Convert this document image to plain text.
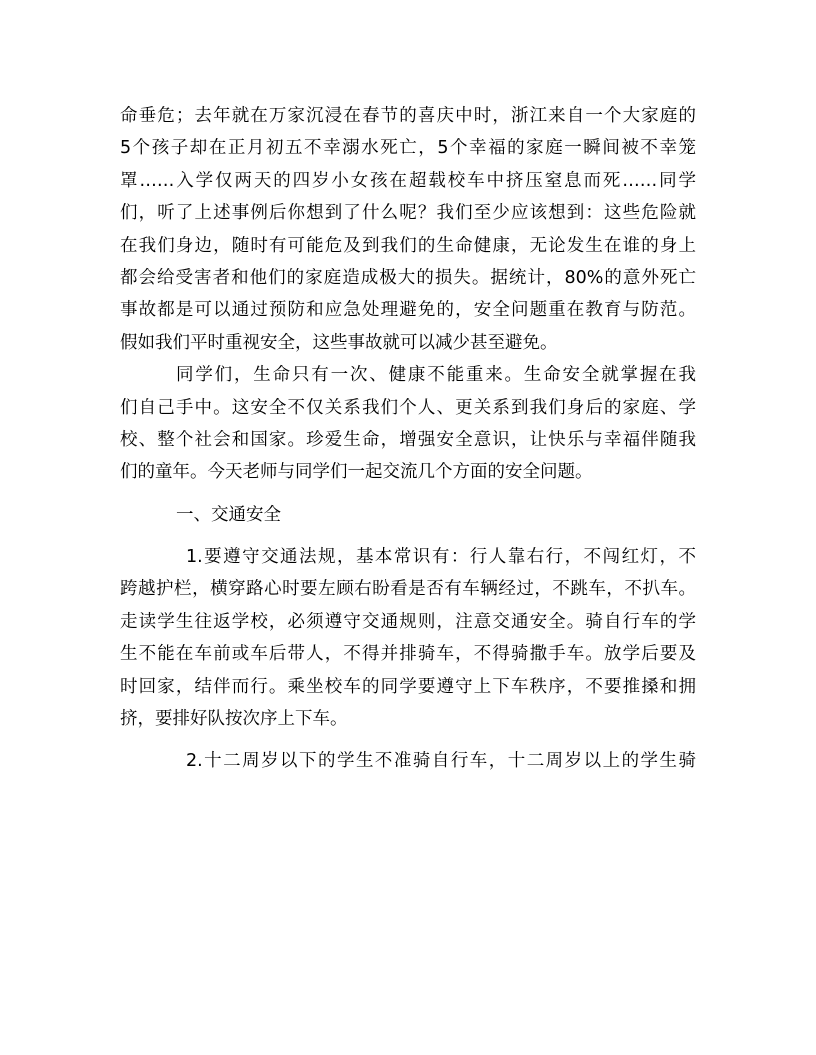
命垂危；去年就在万家沉浸在春节的喜庆中时，浙江来自一个大家庭的
5个孩子却在正月初五不幸溺水死亡，5个幸福的家庭一瞬间被不幸笼
罩……入学仅两天的四岁小女孩在超载校车中挤压窒息而死……同学
们，听了上述事例后你想到了什么呢？我们至少应该想到：这些危险就
在我们身边，随时有可能危及到我们的生命健康，无论发生在谁的身上
都会给受害者和他们的家庭造成极大的损失。据统计，80%的意外死亡
事故都是可以通过预防和应急处理避免的，安全问题重在教育与防范。
假如我们平时重视安全，这些事故就可以减少甚至避免。
同学们，生命只有一次、健康不能重来。生命安全就掌握在我
们自己手中。这安全不仅关系我们个人、更关系到我们身后的家庭、学
校、整个社会和国家。珍爱生命，增强安全意识，让快乐与幸福伴随我
们的童年。今天老师与同学们一起交流几个方面的安全问题。
一、交通安全
1.要遵守交通法规，基本常识有：行人靠右行，不闯红灯，不
跨越护栏，横穿路心时要左顾右盼看是否有车辆经过，不跳车，不扒车。
走读学生往返学校，必须遵守交通规则，注意交通安全。骑自行车的学
生不能在车前或车后带人，不得并排骑车，不得骑撒手车。放学后要及
时回家，结伴而行。乘坐校车的同学要遵守上下车秩序，不要推搡和拥
挤，要排好队按次序上下车。
2.十二周岁以下的学生不准骑自行车，十二周岁以上的学生骑
